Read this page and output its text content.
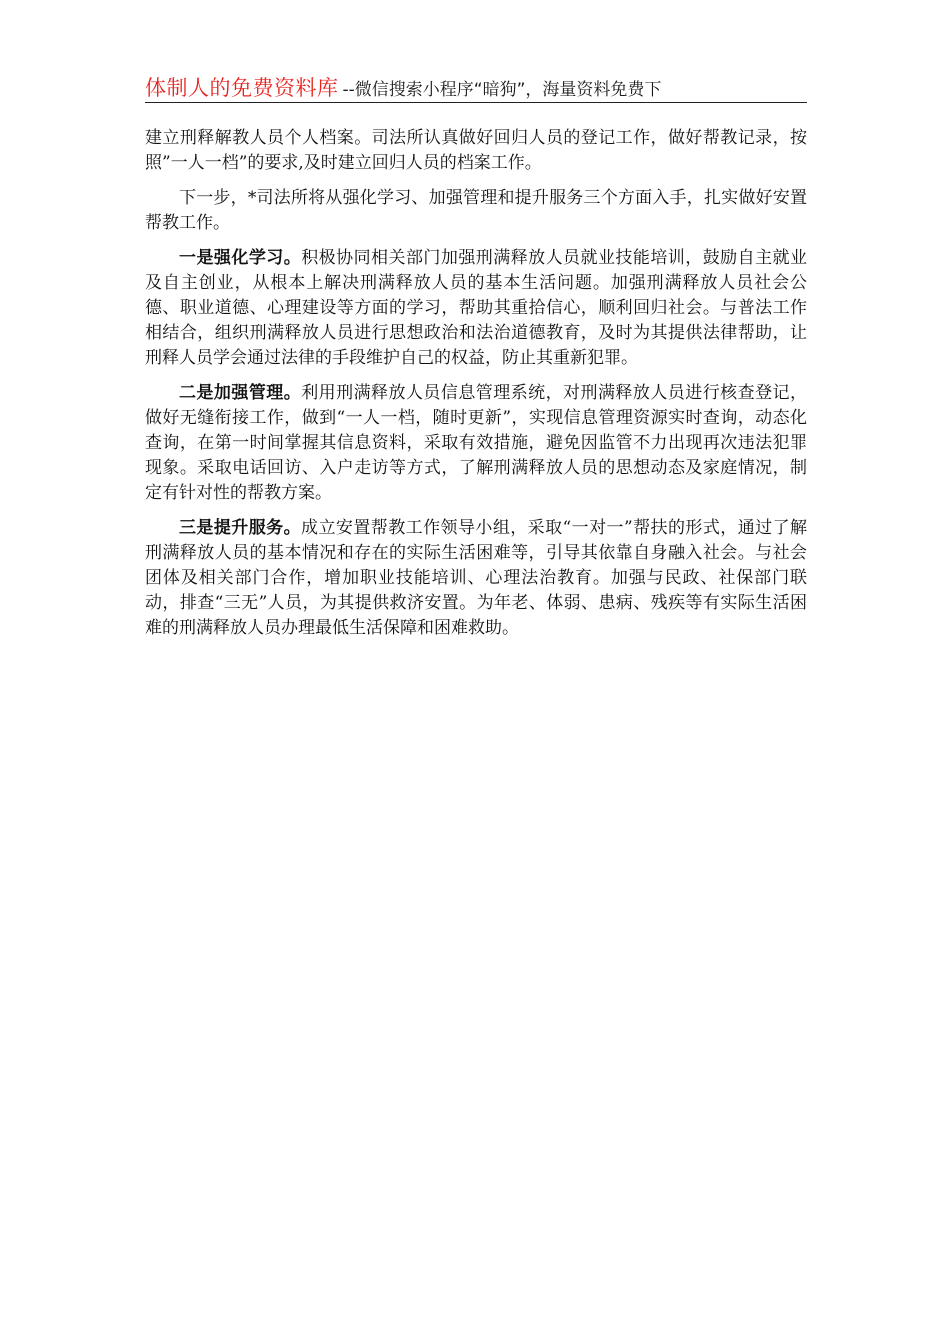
体制人的免费资料库 --微信搜索小程序“暗狗”，海量资料免费下

建立刑释解教人员个人档案。司法所认真做好回归人员的登记工作，做好帮教记录，按照”一人一档”的要求,及时建立回归人员的档案工作。

下一步，*司法所将从强化学习、加强管理和提升服务三个方面入手，扎实做好安置帮教工作。

一是强化学习。积极协同相关部门加强刑满释放人员就业技能培训，鼓励自主就业及自主创业，从根本上解决刑满释放人员的基本生活问题。加强刑满释放人员社会公德、职业道德、心理建设等方面的学习，帮助其重拾信心，顺利回归社会。与普法工作相结合，组织刑满释放人员进行思想政治和法治道德教育，及时为其提供法律帮助，让刑释人员学会通过法律的手段维护自己的权益，防止其重新犯罪。

二是加强管理。利用刑满释放人员信息管理系统，对刑满释放人员进行核查登记，做好无缝衔接工作，做到“一人一档，随时更新”，实现信息管理资源实时查询，动态化查询，在第一时间掌握其信息资料，采取有效措施，避免因监管不力出现再次违法犯罪现象。采取电话回访、入户走访等方式，了解刑满释放人员的思想动态及家庭情况，制定有针对性的帮教方案。

三是提升服务。成立安置帮教工作领导小组，采取“一对一”帮扶的形式，通过了解刑满释放人员的基本情况和存在的实际生活困难等，引导其依靠自身融入社会。与社会团体及相关部门合作，增加职业技能培训、心理法治教育。加强与民政、社保部门联动，排查“三无”人员，为其提供救济安置。为年老、体弱、患病、残疾等有实际生活困难的刑满释放人员办理最低生活保障和困难救助。
